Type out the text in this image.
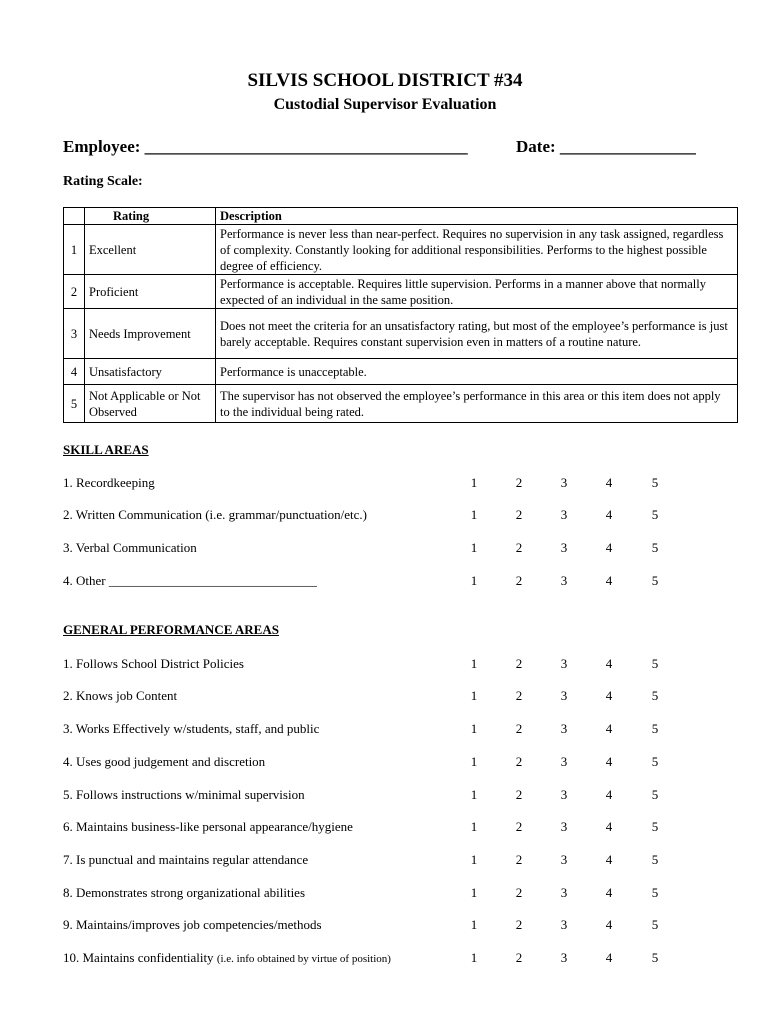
SILVIS SCHOOL DISTRICT #34
Custodial Supervisor Evaluation
Employee: ______________________________________	Date: ________________
Rating Scale:
	Rating	Description
1	Excellent	Performance is never less than near-perfect. Requires no supervision in any task assigned, regardless of complexity. Constantly looking for additional responsibilities. Performs to the highest possible degree of efficiency.
2	Proficient	Performance is acceptable. Requires little supervision. Performs in a manner above that normally expected of an individual in the same position.
3	Needs Improvement	Does not meet the criteria for an unsatisfactory rating, but most of the employee’s performance is just barely acceptable. Requires constant supervision even in matters of a routine nature.
4	Unsatisfactory	Performance is unacceptable.
5	Not Applicable or Not Observed	The supervisor has not observed the employee’s performance in this area or this item does not apply to the individual being rated.
SKILL AREAS
1. Recordkeeping	1	2	3	4	5
2. Written Communication (i.e. grammar/punctuation/etc.)	1	2	3	4	5
3. Verbal Communication	1	2	3	4	5
4. Other ________________________________	1	2	3	4	5
GENERAL PERFORMANCE AREAS
1. Follows School District Policies	1	2	3	4	5
2. Knows job Content	1	2	3	4	5
3. Works Effectively w/students, staff, and public	1	2	3	4	5
4. Uses good judgement and discretion	1	2	3	4	5
5. Follows instructions w/minimal supervision	1	2	3	4	5
6. Maintains business-like personal appearance/hygiene	1	2	3	4	5
7. Is punctual and maintains regular attendance	1	2	3	4	5
8. Demonstrates strong organizational abilities	1	2	3	4	5
9. Maintains/improves job competencies/methods	1	2	3	4	5
10. Maintains confidentiality (i.e. info obtained by virtue of position)	1	2	3	4	5
